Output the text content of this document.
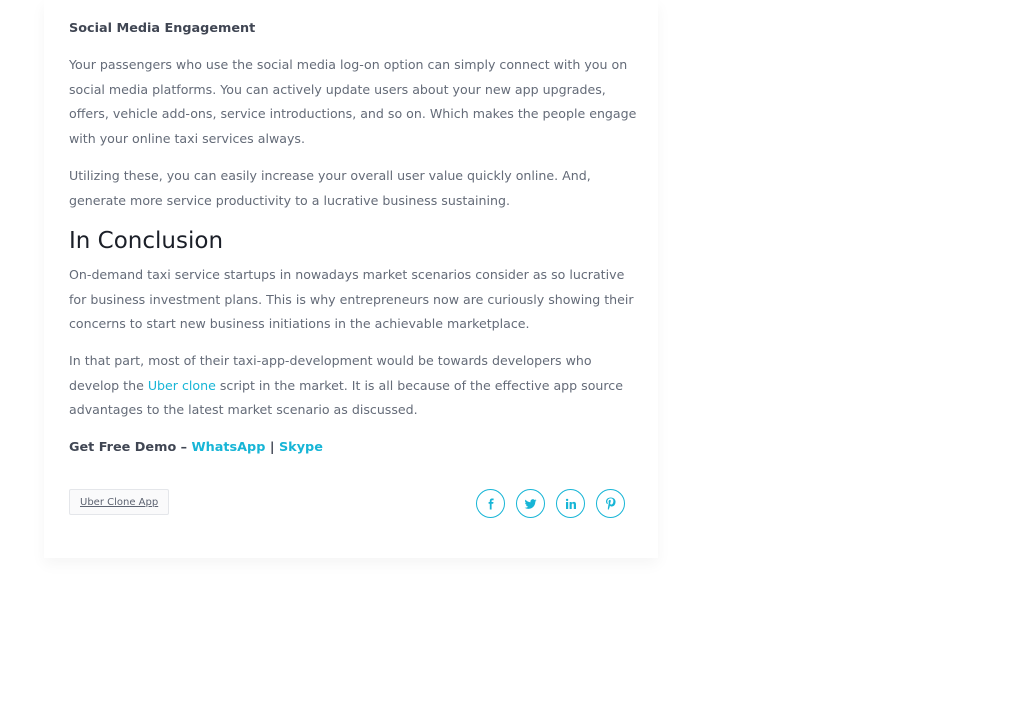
Social Media Engagement

Your passengers who use the social media log-on option can simply connect with you on social media platforms. You can actively update users about your new app upgrades, offers, vehicle add-ons, service introductions, and so on. Which makes the people engage with your online taxi services always.

Utilizing these, you can easily increase your overall user value quickly online. And, generate more service productivity to a lucrative business sustaining.

In Conclusion

On-demand taxi service startups in nowadays market scenarios consider as so lucrative for business investment plans. This is why entrepreneurs now are curiously showing their concerns to start new business initiations in the achievable marketplace.

In that part, most of their taxi-app-development would be towards developers who develop the Uber clone script in the market. It is all because of the effective app source advantages to the latest market scenario as discussed.

Get Free Demo – WhatsApp | Skype

Uber Clone App
